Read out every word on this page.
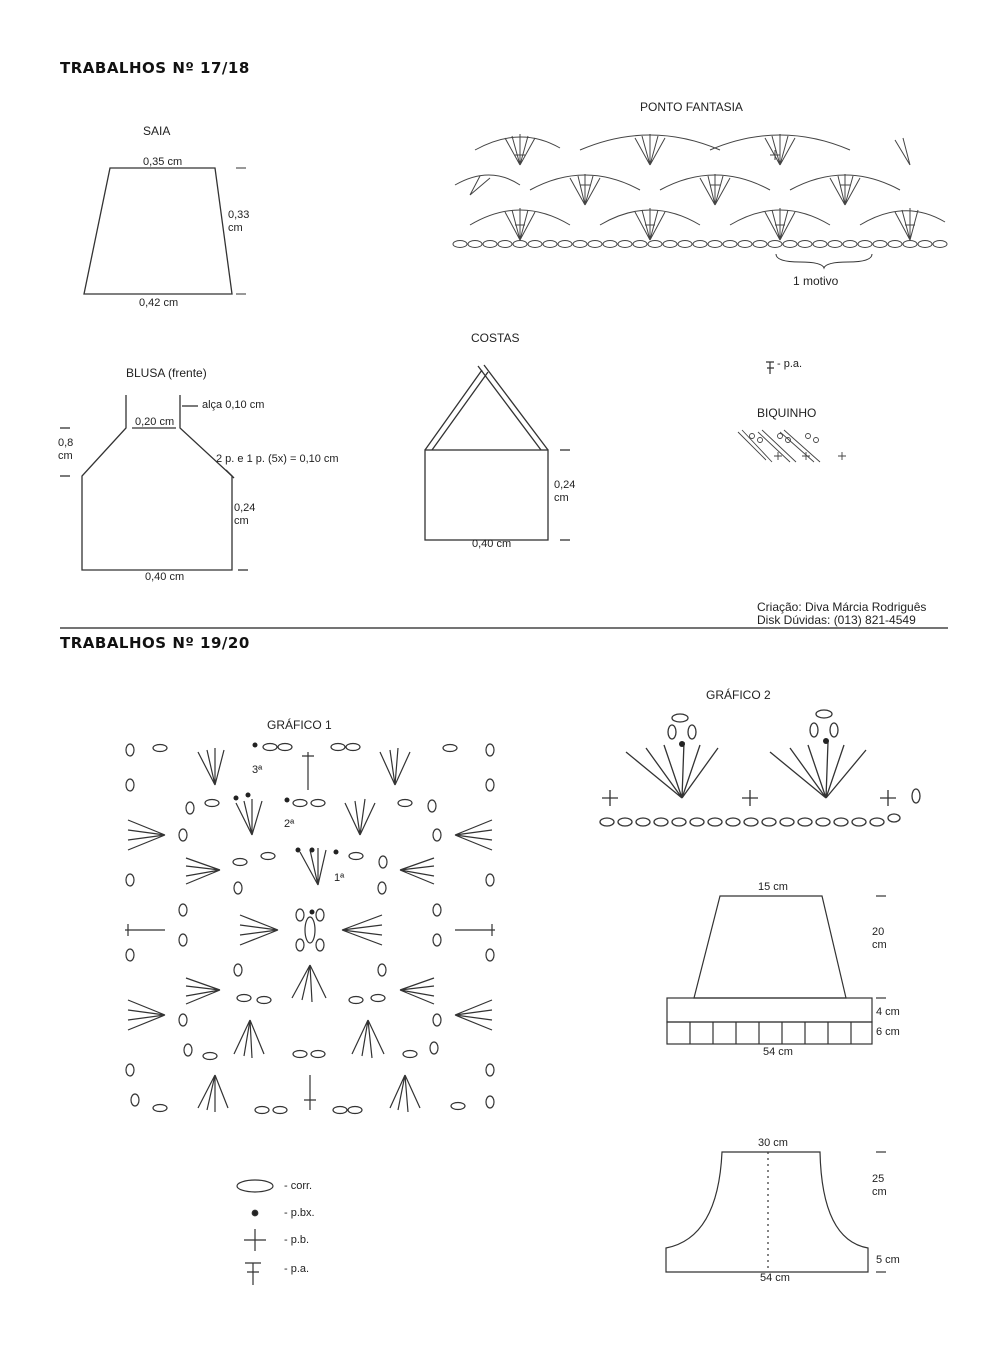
TRABALHOS Nº 17/18
SAIA
0,35 cm
0,33 cm
0,42 cm
PONTO FANTASIA
1 motivo
BLUSA (frente)
0,20 cm
alça 0,10 cm
0,8 cm	2 p. e 1 p. (5x) = 0,10 cm
0,24 cm
0,40 cm
COSTAS
0,24 cm
0,40 cm
- p.a.
BIQUINHO
Criação: Diva Márcia Rodriguês
Disk Dúvidas: (013) 821-4549
TRABALHOS Nº 19/20
GRÁFICO 1
3ª
2ª
1ª
GRÁFICO 2
- corr.
- p.bx.
- p.b.
- p.a.
15 cm
20 cm
4 cm
6 cm
54 cm
30 cm
25 cm
5 cm
54 cm
